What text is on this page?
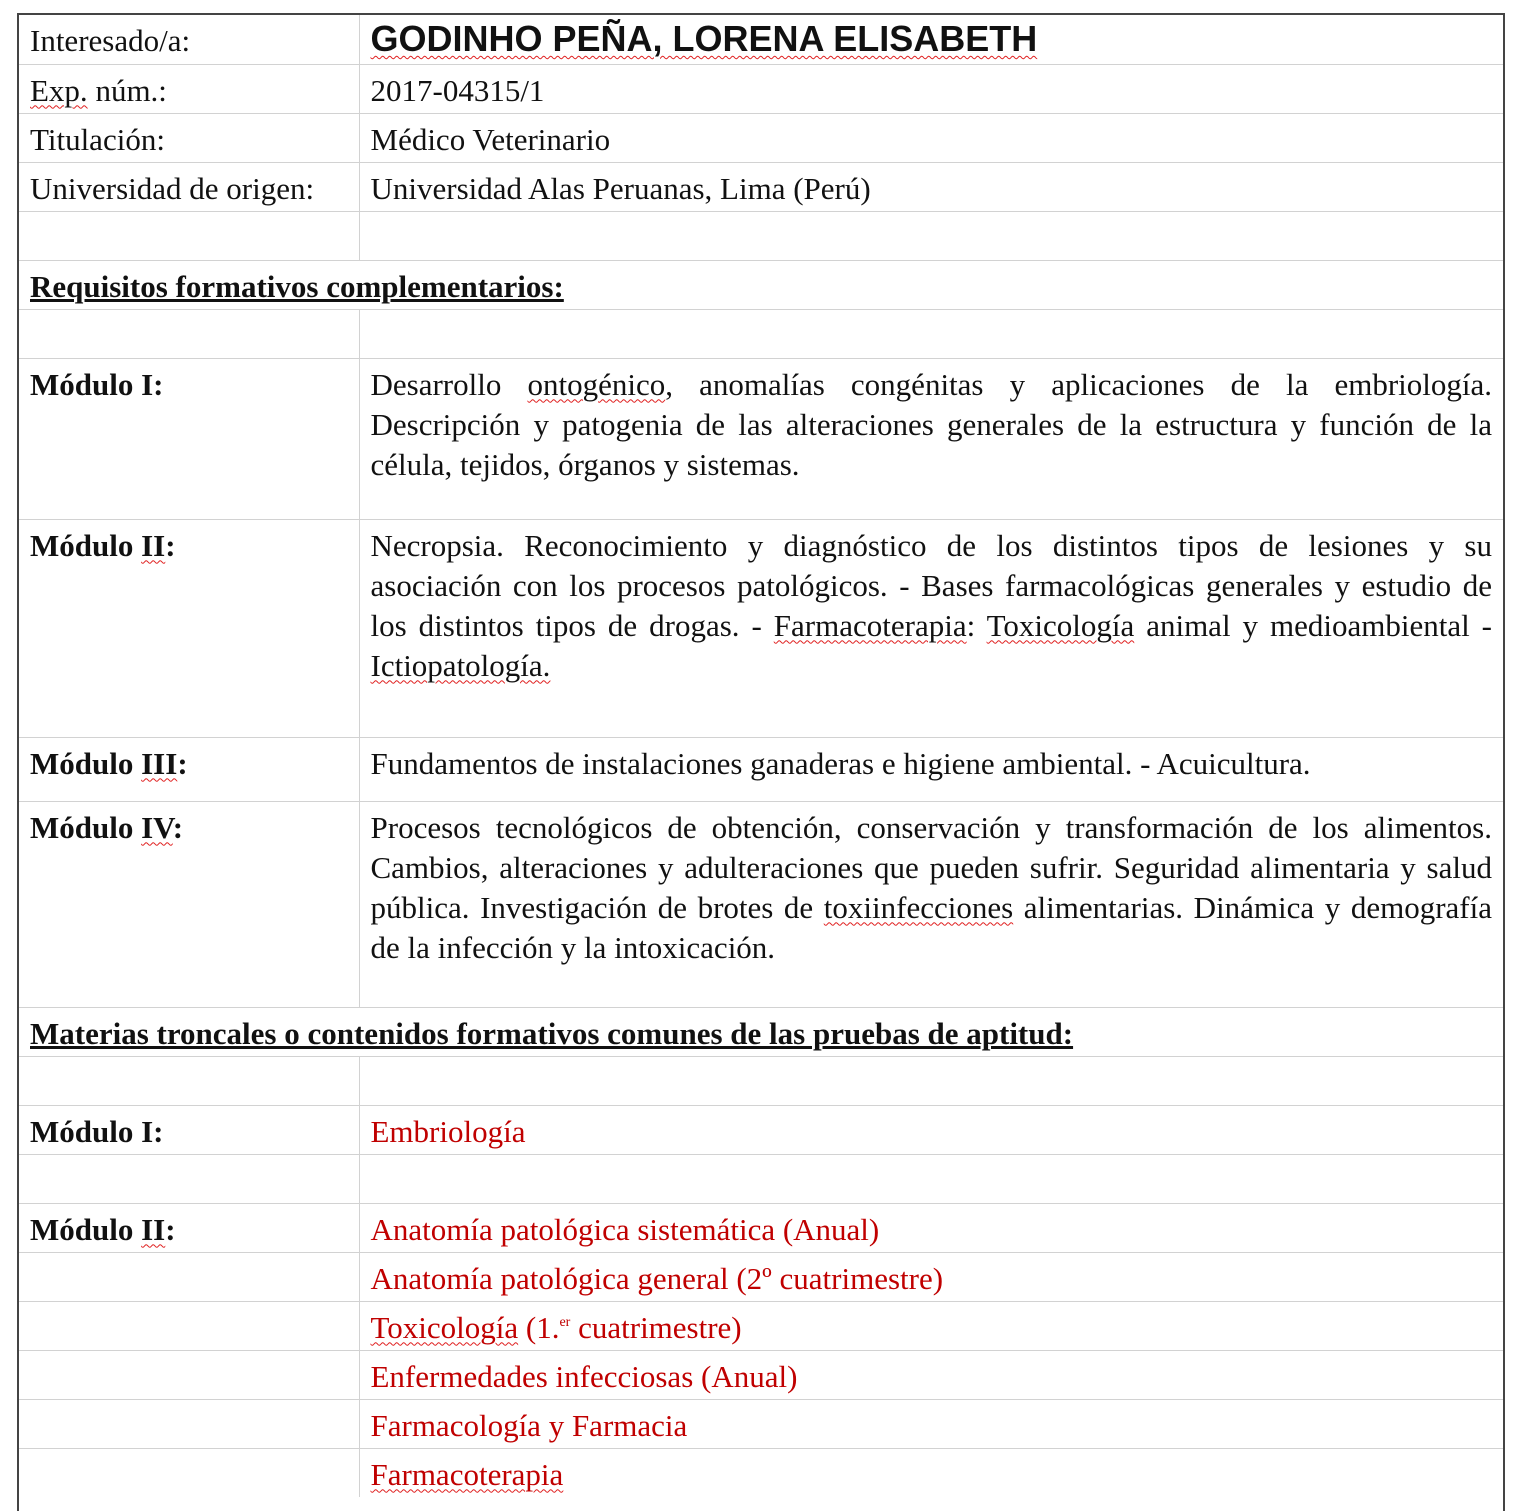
Interesado/a:	GODINHO PEÑA, LORENA ELISABETH
Exp. núm.:	2017-04315/1
Titulación:	Médico Veterinario
Universidad de origen:	Universidad Alas Peruanas, Lima (Perú)

Requisitos formativos complementarios:	

Módulo I:	Desarrollo ontogénico, anomalías congénitas y aplicaciones de la embriología. Descripción y patogenia de las alteraciones generales de la estructura y función de la célula, tejidos, órganos y sistemas.
Módulo II:	Necropsia. Reconocimiento y diagnóstico de los distintos tipos de lesiones y su asociación con los procesos patológicos. - Bases farmacológicas generales y estudio de los distintos tipos de drogas. - Farmacoterapia: Toxicología animal y medioambiental - Ictiopatología.
Módulo III:	Fundamentos de instalaciones ganaderas e higiene ambiental. - Acuicultura.
Módulo IV:	Procesos tecnológicos de obtención, conservación y transformación de los alimentos. Cambios, alteraciones y adulteraciones que pueden sufrir. Seguridad alimentaria y salud pública. Investigación de brotes de toxiinfecciones alimentarias. Dinámica y demografía de la infección y la intoxicación.
Materias troncales o contenidos formativos comunes de las pruebas de aptitud:	

Módulo I:	Embriología

Módulo II:	Anatomía patológica sistemática (Anual)
	Anatomía patológica general (2º cuatrimestre)
	Toxicología (1.$^{er}$ cuatrimestre)
	Enfermedades infecciosas (Anual)
	Farmacología y Farmacia
	Farmacoterapia
